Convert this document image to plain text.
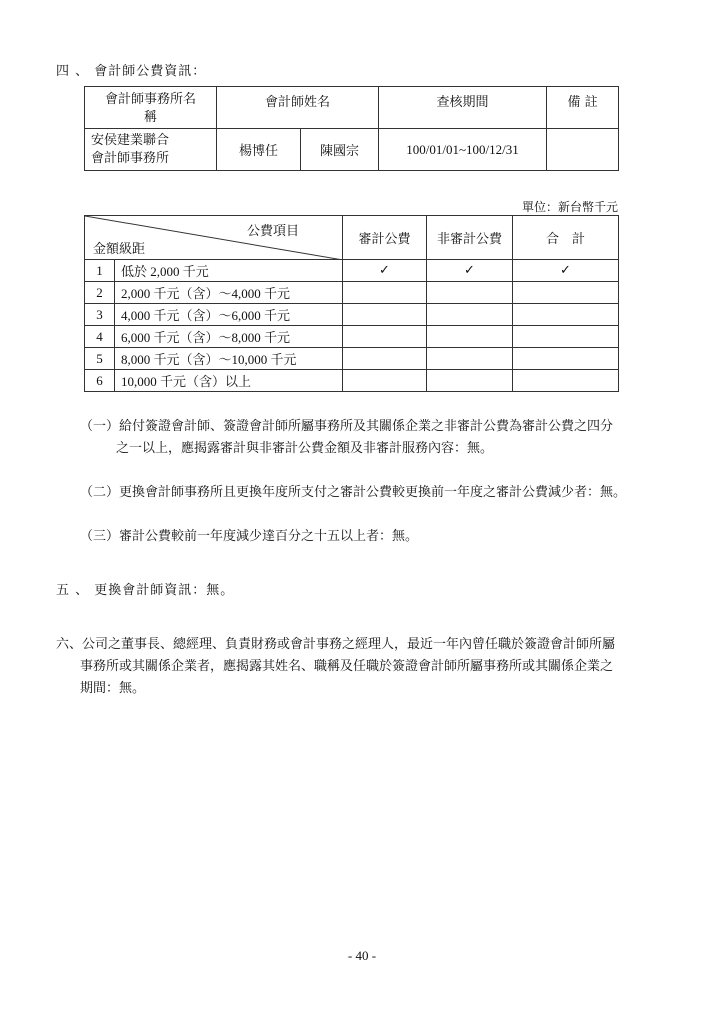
四 、 會計師公費資訊：
會計師事務所名
稱	會計師姓名		查核期間	備 註
安侯建業聯合
會計師事務所	楊博任	陳國宗	100/01/01~100/12/31	
單位：新台幣千元
公費項目
金額級距		審計公費	非審計公費	合　計
1	低於 2,000 千元	✓	✓	✓
2	2,000 千元（含）～4,000 千元			
3	4,000 千元（含）～6,000 千元			
4	6,000 千元（含）～8,000 千元			
5	8,000 千元（含）～10,000 千元			
6	10,000 千元（含）以上			
（一）給付簽證會計師、簽證會計師所屬事務所及其關係企業之非審計公費為審計公費之四分
之一以上，應揭露審計與非審計公費金額及非審計服務內容：無。
（二）更換會計師事務所且更換年度所支付之審計公費較更換前一年度之審計公費減少者：無。
（三）審計公費較前一年度減少達百分之十五以上者：無。
五 、 更換會計師資訊：無。
六、公司之董事長、總經理、負責財務或會計事務之經理人，最近一年內曾任職於簽證會計師所屬
事務所或其關係企業者，應揭露其姓名、職稱及任職於簽證會計師所屬事務所或其關係企業之
期間：無。
- 40 -
